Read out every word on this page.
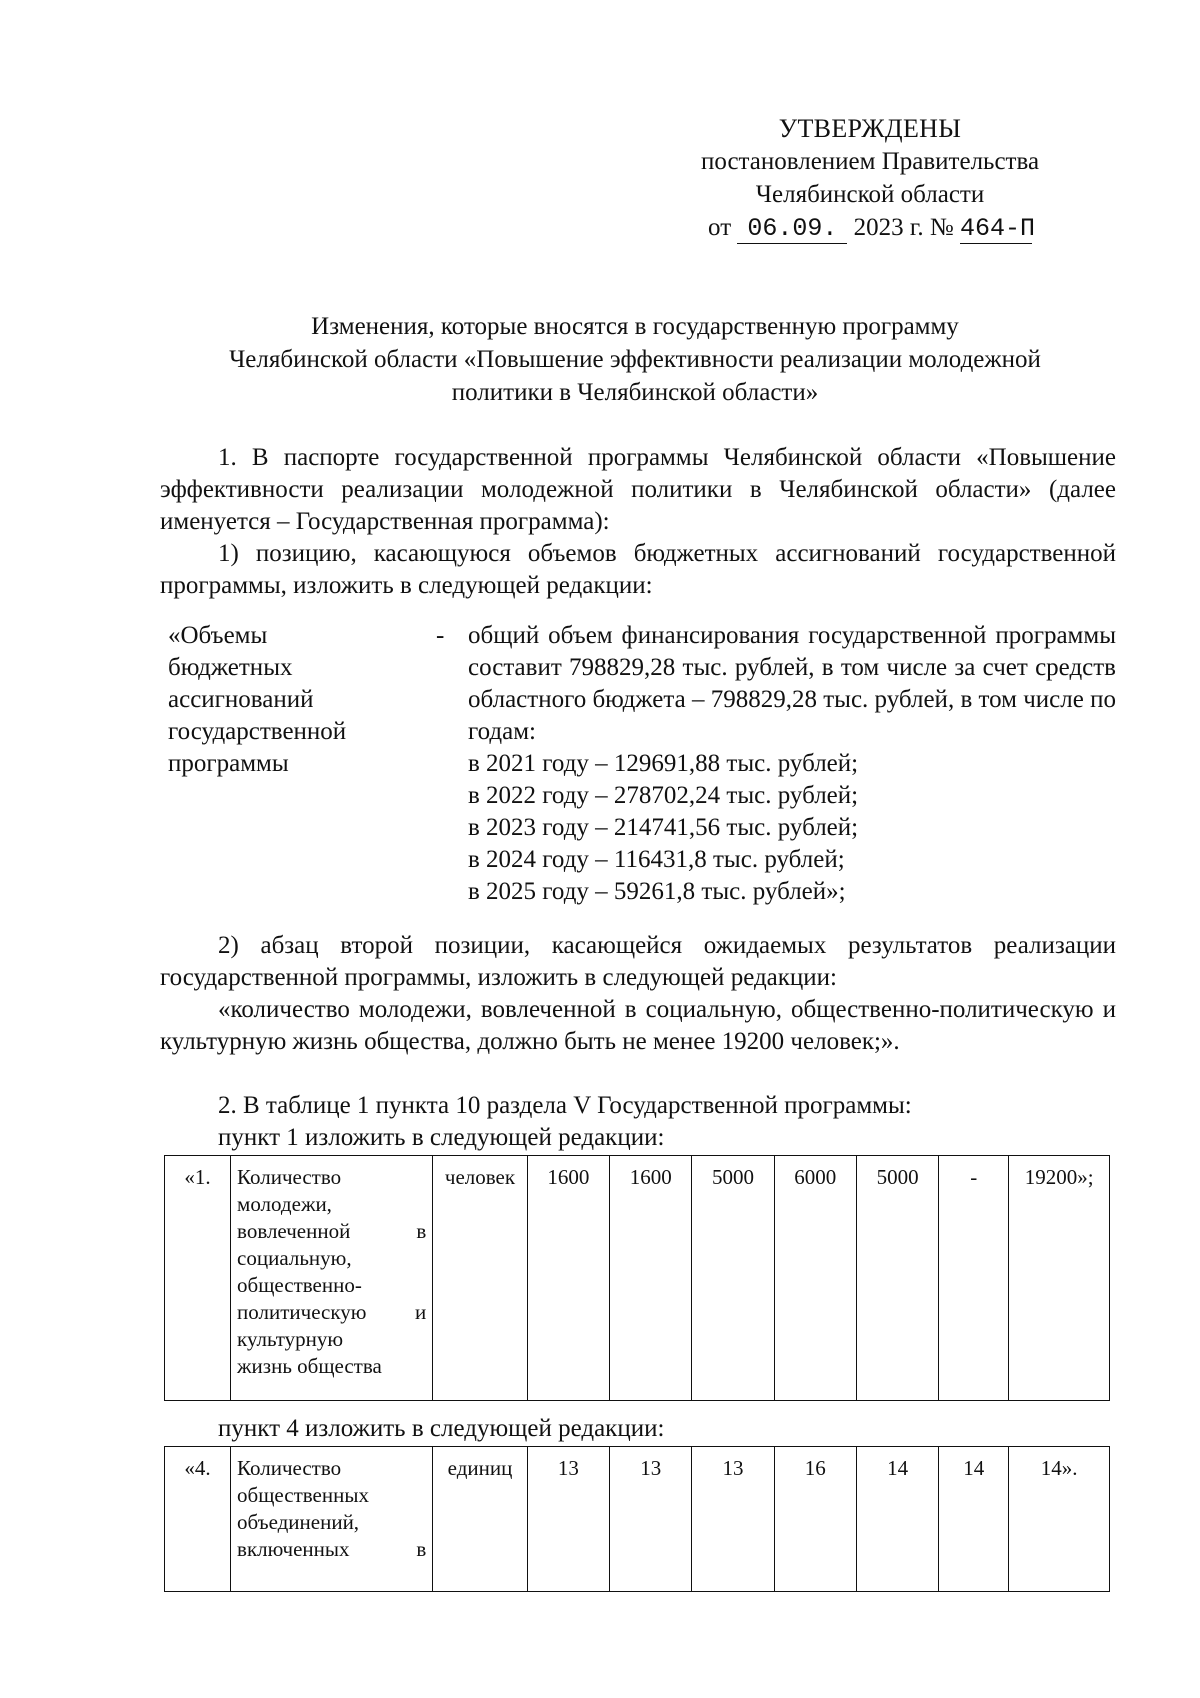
УТВЕРЖДЕНЫ
постановлением Правительства
Челябинской области
от 06.09. 2023 г. № 464-П
Изменения, которые вносятся в государственную программу
Челябинской области «Повышение эффективности реализации молодежной
политики в Челябинской области»
1. В паспорте государственной программы Челябинской области «Повышение эффективности реализации молодежной политики в Челябинской области» (далее именуется – Государственная программа):
1) позицию, касающуюся объемов бюджетных ассигнований государственной программы, изложить в следующей редакции:
«Объемы
бюджетных
ассигнований
государственной
программы
- общий объем финансирования государственной программы составит 798829,28 тыс. рублей, в том числе за счет средств областного бюджета – 798829,28 тыс. рублей, в том числе по годам:
в 2021 году – 129691,88 тыс. рублей;
в 2022 году – 278702,24 тыс. рублей;
в 2023 году – 214741,56 тыс. рублей;
в 2024 году – 116431,8 тыс. рублей;
в 2025 году – 59261,8 тыс. рублей»;
2) абзац второй позиции, касающейся ожидаемых результатов реализации государственной программы, изложить в следующей редакции:
«количество молодежи, вовлеченной в социальную, общественно-политическую и культурную жизнь общества, должно быть не менее 19200 человек;».
2. В таблице 1 пункта 10 раздела V Государственной программы:
пункт 1 изложить в следующей редакции:
«1.	Количество
молодежи,
вовлеченной в
социальную,
общественно-
политическую и
культурную
жизнь общества
	человек	1600	1600	5000	6000	5000	-	19200»;
пункт 4 изложить в следующей редакции:
«4.	Количество
общественных
объединений,
включенных в
	единиц	13	13	13	16	14	14	14».
